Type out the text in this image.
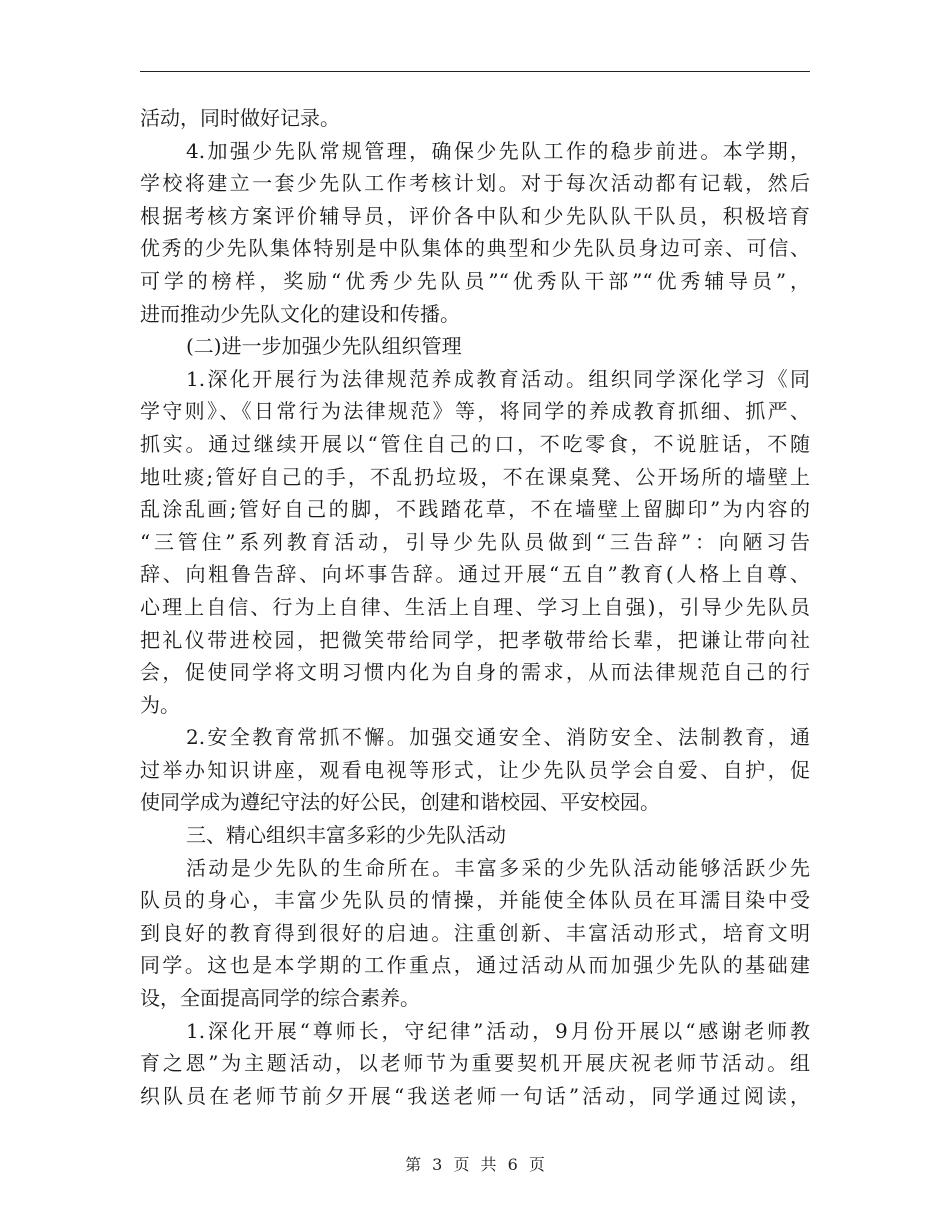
活动，同时做好记录。
4.加强少先队常规管理，确保少先队工作的稳步前进。本学期，
学校将建立一套少先队工作考核计划。对于每次活动都有记载，然后
根据考核方案评价辅导员，评价各中队和少先队队干队员，积极培育
优秀的少先队集体特别是中队集体的典型和少先队员身边可亲、可信、
可学的榜样，奖励“优秀少先队员”“优秀队干部”“优秀辅导员”，
进而推动少先队文化的建设和传播。
(二)进一步加强少先队组织管理
1.深化开展行为法律规范养成教育活动。组织同学深化学习《同
学守则》、《日常行为法律规范》等，将同学的养成教育抓细、抓严、
抓实。通过继续开展以“管住自己的口，不吃零食，不说脏话，不随
地吐痰;管好自己的手，不乱扔垃圾，不在课桌凳、公开场所的墙壁上
乱涂乱画;管好自己的脚，不践踏花草，不在墙壁上留脚印”为内容的
“三管住”系列教育活动，引导少先队员做到“三告辞”：向陋习告
辞、向粗鲁告辞、向坏事告辞。通过开展“五自”教育(人格上自尊、
心理上自信、行为上自律、生活上自理、学习上自强)，引导少先队员
把礼仪带进校园，把微笑带给同学，把孝敬带给长辈，把谦让带向社
会，促使同学将文明习惯内化为自身的需求，从而法律规范自己的行
为。
2.安全教育常抓不懈。加强交通安全、消防安全、法制教育，通
过举办知识讲座，观看电视等形式，让少先队员学会自爱、自护，促
使同学成为遵纪守法的好公民，创建和谐校园、平安校园。
三、精心组织丰富多彩的少先队活动
活动是少先队的生命所在。丰富多采的少先队活动能够活跃少先
队员的身心，丰富少先队员的情操，并能使全体队员在耳濡目染中受
到良好的教育得到很好的启迪。注重创新、丰富活动形式，培育文明
同学。这也是本学期的工作重点，通过活动从而加强少先队的基础建
设，全面提高同学的综合素养。
1.深化开展“尊师长，守纪律”活动，9月份开展以“感谢老师教
育之恩”为主题活动，以老师节为重要契机开展庆祝老师节活动。组
织队员在老师节前夕开展“我送老师一句话”活动，同学通过阅读，
第 3 页 共 6 页
